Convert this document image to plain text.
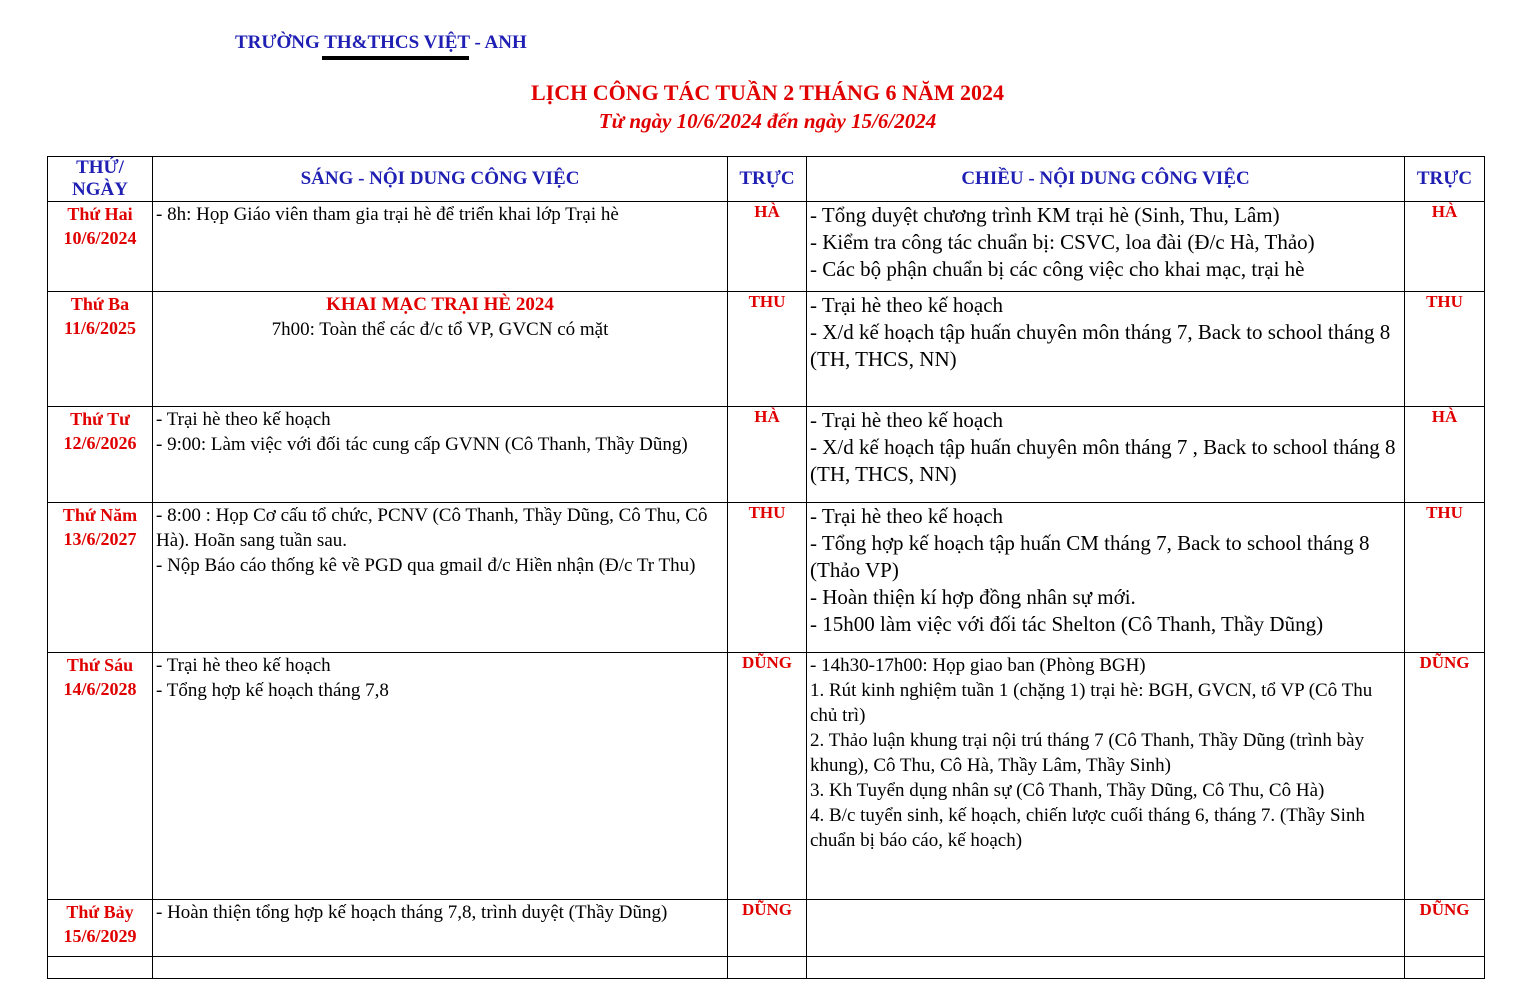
TRƯỜNG TH&THCS VIỆT - ANH
LỊCH CÔNG TÁC TUẦN 2 THÁNG 6 NĂM 2024
Từ ngày 10/6/2024 đến ngày 15/6/2024
THỨ/ NGÀY	SÁNG - NỘI DUNG CÔNG VIỆC	TRỰC	CHIỀU - NỘI DUNG CÔNG VIỆC	TRỰC

Thứ Hai
10/6/2024	- 8h: Họp Giáo viên tham gia trại hè để triển khai lớp Trại hè	HÀ	- Tổng duyệt chương trình KM trại hè (Sinh, Thu, Lâm)
- Kiểm tra công tác chuẩn bị: CSVC, loa đài (Đ/c Hà, Thảo)
- Các bộ phận chuẩn bị các công việc cho khai mạc, trại hè	HÀ

Thứ Ba
11/6/2025	KHAI MẠC TRẠI HÈ 2024
7h00: Toàn thể các đ/c tổ VP, GVCN có mặt	THU	- Trại hè theo kế hoạch
- X/d kế hoạch tập huấn chuyên môn tháng 7, Back to school tháng 8 (TH, THCS, NN)	THU

Thứ Tư
12/6/2026	- Trại hè theo kế hoạch
- 9:00: Làm việc với đối tác cung cấp GVNN (Cô Thanh, Thầy Dũng)	HÀ	- Trại hè theo kế hoạch
- X/d kế hoạch tập huấn chuyên môn tháng 7 , Back to school tháng 8 (TH, THCS, NN)	HÀ

Thứ Năm
13/6/2027	- 8:00 : Họp Cơ cấu tổ chức, PCNV (Cô Thanh, Thầy Dũng, Cô Thu, Cô Hà). Hoãn sang tuần sau.
- Nộp Báo cáo thống kê về PGD qua gmail đ/c Hiền nhận (Đ/c Tr Thu)	THU	- Trại hè theo kế hoạch
- Tổng hợp kế hoạch tập huấn CM tháng 7, Back to school tháng 8 (Thảo VP)
- Hoàn thiện kí hợp đồng nhân sự mới.
- 15h00 làm việc với đối tác Shelton (Cô Thanh, Thầy Dũng)	THU

Thứ Sáu
14/6/2028	- Trại hè theo kế hoạch
- Tổng hợp kế hoạch tháng 7,8	DŨNG	- 14h30-17h00: Họp giao ban (Phòng BGH)
1. Rút kinh nghiệm tuần 1 (chặng 1) trại hè: BGH, GVCN, tổ VP (Cô Thu chủ trì)
2. Thảo luận khung trại nội trú tháng 7 (Cô Thanh, Thầy Dũng (trình bày khung), Cô Thu, Cô Hà, Thầy Lâm, Thầy Sinh)
3. Kh Tuyển dụng nhân sự (Cô Thanh, Thầy Dũng, Cô Thu, Cô Hà)
4. B/c tuyển sinh, kế hoạch, chiến lược cuối tháng 6, tháng 7. (Thầy Sinh chuẩn bị báo cáo, kế hoạch)	DŨNG

Thứ Bảy
15/6/2029	- Hoàn thiện tổng hợp kế hoạch tháng 7,8, trình duyệt (Thầy Dũng)	DŨNG		DŨNG
